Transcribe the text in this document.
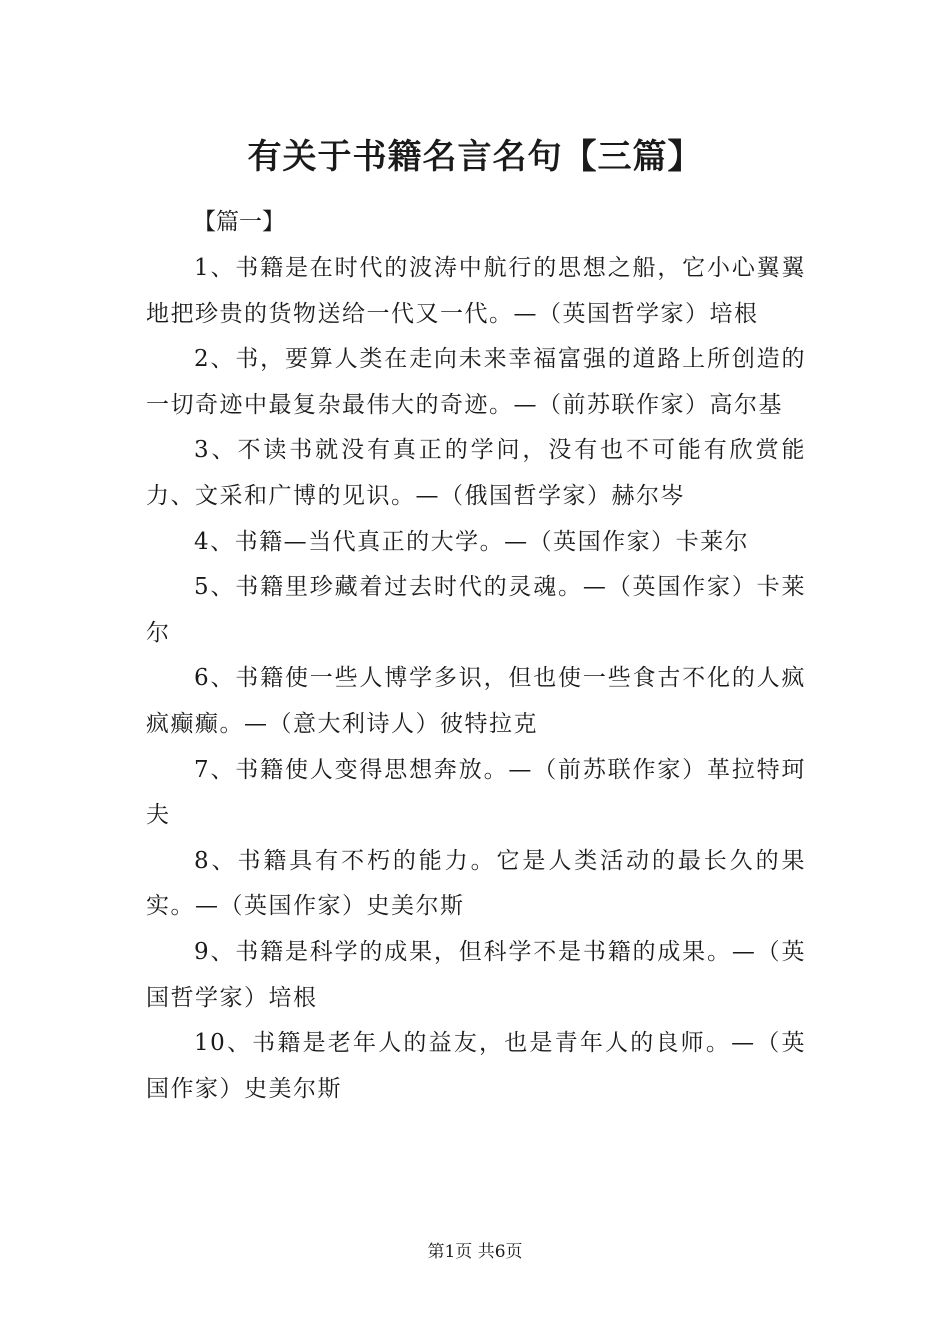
有关于书籍名言名句【三篇】
【篇一】

1、书籍是在时代的波涛中航行的思想之船，它小心翼翼地把珍贵的货物送给一代又一代。—（英国哲学家）培根

2、书，要算人类在走向未来幸福富强的道路上所创造的一切奇迹中最复杂最伟大的奇迹。—（前苏联作家）高尔基

3、不读书就没有真正的学问，没有也不可能有欣赏能力、文采和广博的见识。—（俄国哲学家）赫尔岑

4、书籍—当代真正的大学。—（英国作家）卡莱尔

5、书籍里珍藏着过去时代的灵魂。—（英国作家）卡莱尔

6、书籍使一些人博学多识，但也使一些食古不化的人疯疯癫癫。—（意大利诗人）彼特拉克

7、书籍使人变得思想奔放。—（前苏联作家）革拉特珂夫

8、书籍具有不朽的能力。它是人类活动的最长久的果实。—（英国作家）史美尔斯

9、书籍是科学的成果，但科学不是书籍的成果。—（英国哲学家）培根

10、书籍是老年人的益友，也是青年人的良师。—（英国作家）史美尔斯

第1页 共6页
